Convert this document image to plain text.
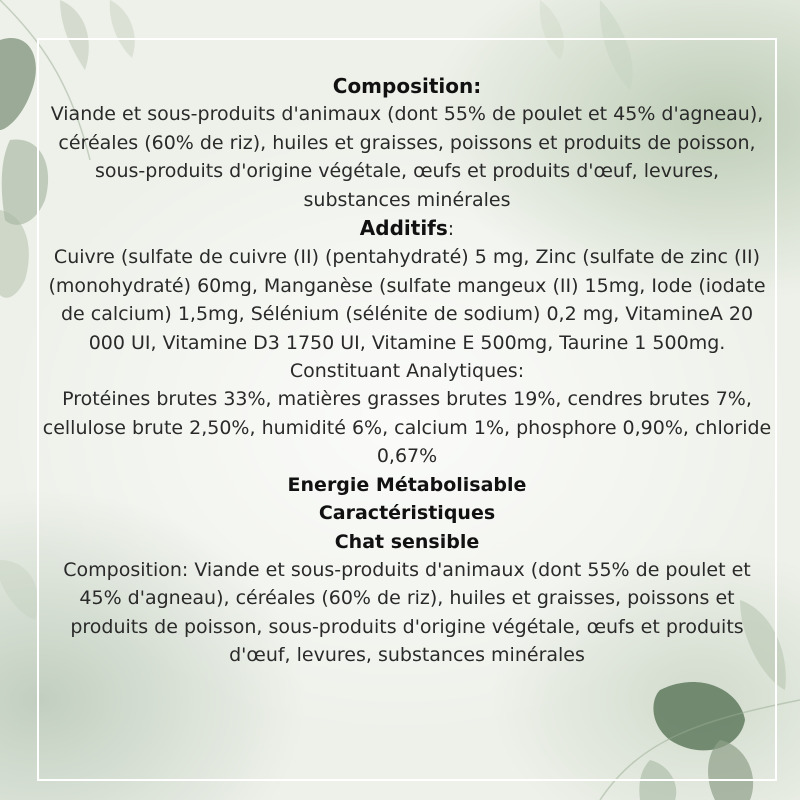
Composition:

Viande et sous-produits d'animaux (dont 55% de poulet et 45% d'agneau), céréales (60% de riz), huiles et graisses, poissons et produits de poisson, sous-produits d'origine végétale, œufs et produits d'œuf, levures, substances minérales

Additifs:

Cuivre (sulfate de cuivre (II) (pentahydraté) 5 mg, Zinc (sulfate de zinc (II) (monohydraté) 60mg, Manganèse (sulfate mangeux (II) 15mg, Iode (iodate de calcium) 1,5mg, Sélénium (sélénite de sodium) 0,2 mg, VitamineA 20 000 UI, Vitamine D3 1750 UI, Vitamine E 500mg, Taurine 1 500mg.

Constituant Analytiques:

Protéines brutes 33%, matières grasses brutes 19%, cendres brutes 7%, cellulose brute 2,50%, humidité 6%, calcium 1%, phosphore 0,90%, chloride 0,67%

Energie Métabolisable

Caractéristiques

Chat sensible

Composition: Viande et sous-produits d'animaux (dont 55% de poulet et 45% d'agneau), céréales (60% de riz), huiles et graisses, poissons et produits de poisson, sous-produits d'origine végétale, œufs et produits d'œuf, levures, substances minérales
